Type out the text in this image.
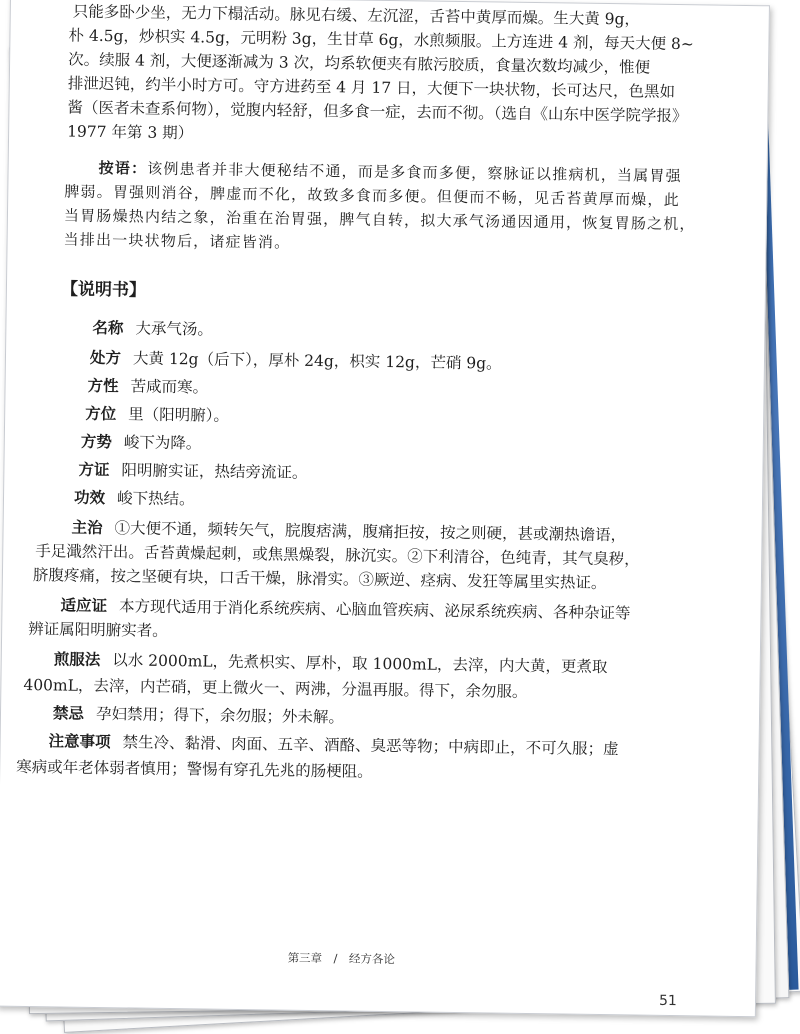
只能多卧少坐，无力下榻活动。脉见右缓、左沉涩，舌苔中黄厚而燥。生大黄 9g，
朴 4.5g，炒枳实 4.5g，元明粉 3g，生甘草 6g，水煎频服。上方连进 4 剂，每天大便 8~
次。续服 4 剂，大便逐渐减为 3 次，均系软便夹有脓污胶质，食量次数均减少，惟便
排泄迟钝，约半小时方可。守方进药至 4 月 17 日，大便下一块状物，长可达尺，色黑如
酱（医者未查系何物），觉腹内轻舒，但多食一症，去而不彻。（选自《山东中医学院学报》
1977 年第 3 期）
按语：该例患者并非大便秘结不通，而是多食而多便，察脉证以推病机，当属胃强
脾弱。胃强则消谷，脾虚而不化，故致多食而多便。但便而不畅，见舌苔黄厚而燥，此
当胃肠燥热内结之象，治重在治胃强，脾气自转，拟大承气汤通因通用，恢复胃肠之机，
当排出一块状物后，诸症皆消。
【说明书】
名称 大承气汤。
处方 大黄 12g（后下），厚朴 24g，枳实 12g，芒硝 9g。
方性 苦咸而寒。
方位 里（阳明腑）。
方势 峻下为降。
方证 阳明腑实证，热结旁流证。
功效 峻下热结。
主治 ①大便不通，频转矢气，脘腹痞满，腹痛拒按，按之则硬，甚或潮热谵语，
手足濈然汗出。舌苔黄燥起刺，或焦黑燥裂，脉沉实。②下利清谷，色纯青，其气臭秽，
脐腹疼痛，按之坚硬有块，口舌干燥，脉滑实。③厥逆、痉病、发狂等属里实热证。
适应证 本方现代适用于消化系统疾病、心脑血管疾病、泌尿系统疾病、各种杂证等
辨证属阳明腑实者。
煎服法 以水 2000mL，先煮枳实、厚朴，取 1000mL，去滓，内大黄，更煮取
400mL，去滓，内芒硝，更上微火一、两沸，分温再服。得下，余勿服。
禁忌 孕妇禁用；得下，余勿服；外未解。
注意事项 禁生冷、黏滑、肉面、五辛、酒酪、臭恶等物；中病即止，不可久服；虚
寒病或年老体弱者慎用；警惕有穿孔先兆的肠梗阻。
第三章　/　经方各论
51
